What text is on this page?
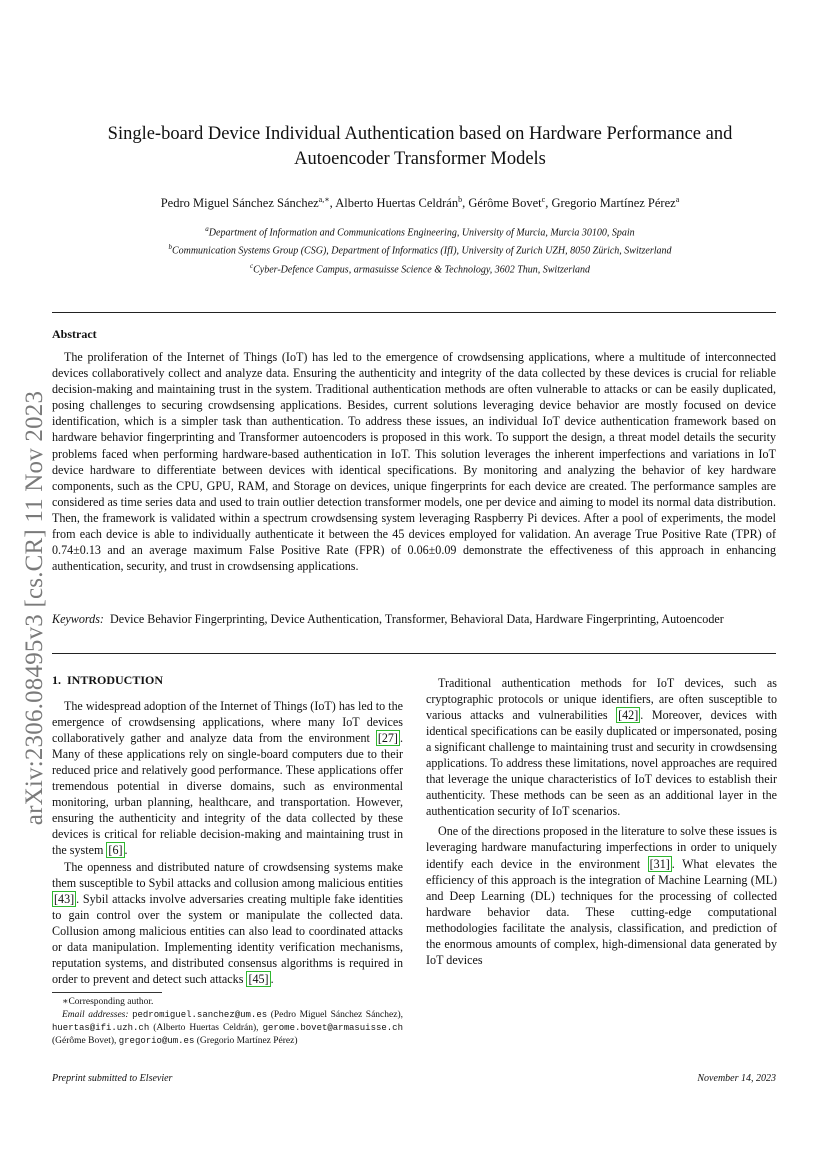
arXiv:2306.08495v3 [cs.CR] 11 Nov 2023
Single-board Device Individual Authentication based on Hardware Performance and
Autoencoder Transformer Models
Pedro Miguel Sánchez Sánchez$^{a,∗}$, Alberto Huertas Celdrán$^b$, Gérôme Bovet$^c$, Gregorio Martínez Pérez$^a$
$^a$Department of Information and Communications Engineering, University of Murcia, Murcia 30100, Spain
$^b$Communication Systems Group (CSG), Department of Informatics (IfI), University of Zurich UZH, 8050 Zürich, Switzerland
$^c$Cyber-Defence Campus, armasuisse Science & Technology, 3602 Thun, Switzerland
Abstract

The proliferation of the Internet of Things (IoT) has led to the emergence of crowdsensing applications, where a multitude of interconnected devices collaboratively collect and analyze data. Ensuring the authenticity and integrity of the data collected by these devices is crucial for reliable decision-making and maintaining trust in the system. Traditional authentication methods are often vulnerable to attacks or can be easily duplicated, posing challenges to securing crowdsensing applications. Besides, current solutions leveraging device behavior are mostly focused on device identification, which is a simpler task than authentication. To address these issues, an individual IoT device authentication framework based on hardware behavior fingerprinting and Transformer autoencoders is proposed in this work. To support the design, a threat model details the security problems faced when performing hardware-based authentication in IoT. This solution leverages the inherent imperfections and variations in IoT device hardware to differentiate between devices with identical specifications. By monitoring and analyzing the behavior of key hardware components, such as the CPU, GPU, RAM, and Storage on devices, unique fingerprints for each device are created. The performance samples are considered as time series data and used to train outlier detection transformer models, one per device and aiming to model its normal data distribution. Then, the framework is validated within a spectrum crowdsensing system leveraging Raspberry Pi devices. After a pool of experiments, the model from each device is able to individually authenticate it between the 45 devices employed for validation. An average True Positive Rate (TPR) of 0.74±0.13 and an average maximum False Positive Rate (FPR) of 0.06±0.09 demonstrate the effectiveness of this approach in enhancing authentication, security, and trust in crowdsensing applications.

Keywords: Device Behavior Fingerprinting, Device Authentication, Transformer, Behavioral Data, Hardware Fingerprinting, Autoencoder

1. INTRODUCTION

The widespread adoption of the Internet of Things (IoT) has led to the emergence of crowdsensing applications, where many IoT devices collaboratively gather and analyze data from the environment [27] . Many of these applications rely on single-board computers due to their reduced price and relatively good performance. These applications offer tremendous potential in diverse domains, such as environmental monitoring, urban planning, healthcare, and transportation. However, ensuring the authenticity and integrity of the data collected by these devices is critical for reliable decision-making and maintaining trust in the system [6] .

The openness and distributed nature of crowdsensing systems make them susceptible to Sybil attacks and collusion among malicious entities [43] . Sybil attacks involve adversaries creating multiple fake identities to gain control over the system or manipulate the collected data. Collusion among malicious entities can also lead to coordinated attacks or data manipulation. Implementing identity verification mechanisms, reputation systems, and distributed consensus algorithms is required in order to prevent and detect such attacks [45] .

Traditional authentication methods for IoT devices, such as cryptographic protocols or unique identifiers, are often susceptible to various attacks and vulnerabilities [42] . Moreover, devices with identical specifications can be easily duplicated or impersonated, posing a significant challenge to maintaining trust and security in crowdsensing applications. To address these limitations, novel approaches are required that leverage the unique characteristics of IoT devices to establish their authenticity. These methods can be seen as an additional layer in the authentication security of IoT scenarios.

One of the directions proposed in the literature to solve these issues is leveraging hardware manufacturing imperfections in order to uniquely identify each device in the environment [31] . What elevates the efficiency of this approach is the integration of Machine Learning (ML) and Deep Learning (DL) techniques for the processing of collected hardware behavior data. These cutting-edge computational methodologies facilitate the analysis, classification, and prediction of the enormous amounts of complex, high-dimensional data generated by IoT devices

∗Corresponding author.

Email addresses: pedromiguel.sanchez@um.es (Pedro Miguel Sánchez Sánchez), huertas@ifi.uzh.ch (Alberto Huertas Celdrán), gerome.bovet@armasuisse.ch (Gérôme Bovet), gregorio@um.es (Gregorio Martínez Pérez)

Preprint submitted to Elsevier	November 14, 2023
